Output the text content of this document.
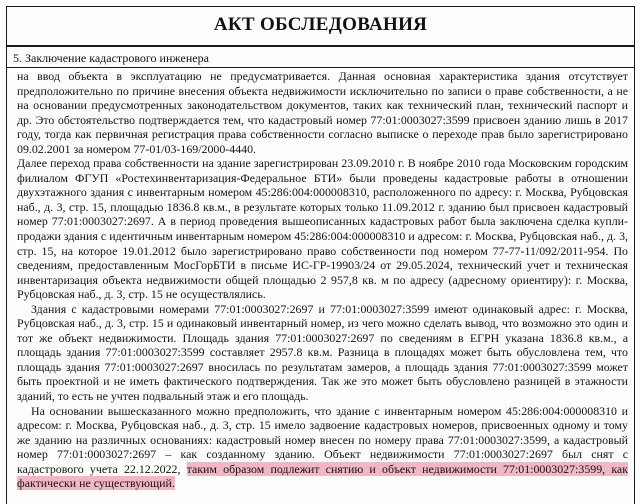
АКТ ОБСЛЕДОВАНИЯ
5. Заключение кадастрового инженера

на ввод объекта в эксплуатацию не предусматривается. Данная основная характеристика здания отсутствует предположительно по причине внесения объекта недвижимости исключительно по записи о праве собственности, а не на основании предусмотренных законодательством документов, таких как технический план, технический паспорт и др. Это обстоятельство подтверждается тем, что кадастровый номер 77:01:0003027:3599 присвоен зданию лишь в 2017 году, тогда как первичная регистрация права собственности согласно выписке о переходе прав было зарегистрировано 09.02.2001 за номером 77-01/03-169/2000-4440.

Далее переход права собственности на здание зарегистрирован 23.09.2010 г. В ноябре 2010 года Московским городским филиалом ФГУП «Ростехинвентаризация-Федеральное БТИ» были проведены кадастровые работы в отношении двухэтажного здания с инвентарным номером 45:286:004:000008310, расположенного по адресу: г. Москва, Рубцовская наб., д. 3, стр. 15, площадью 1836.8 кв.м., в результате которых только 11.09.2012 г. зданию был присвоен кадастровый номер 77:01:0003027:2697. А в период проведения вышеописанных кадастровых работ была заключена сделка купли-продажи здания с идентичным инвентарным номером 45:286:004:000008310 и адресом: г. Москва, Рубцовская наб., д. 3, стр. 15, на которое 19.01.2012 было зарегистрировано право собственности под номером 77-77-11/092/2011-954. По сведениям, предоставленным МосГорБТИ в письме ИС-ГР-19903/24 от 29.05.2024, технический учет и техническая инвентаризация объекта недвижимости общей площадью 2 957,8 кв. м по адресу (адресному ориентиру): г. Москва, Рубцовская наб., д. 3, стр. 15 не осуществлялись.

Здания с кадастровыми номерами 77:01:0003027:2697 и 77:01:0003027:3599 имеют одинаковый адрес: г. Москва, Рубцовская наб., д. 3, стр. 15 и одинаковый инвентарный номер, из чего можно сделать вывод, что возможно это один и тот же объект недвижимости. Площадь здания 77:01:0003027:2697 по сведениям в ЕГРН указана 1836.8 кв.м., а площадь здания 77:01:0003027:3599 составляет 2957.8 кв.м. Разница в площадях может быть обусловлена тем, что площадь здания 77:01:0003027:2697 вносилась по результатам замеров, а площадь здания 77:01:0003027:3599 может быть проектной и не иметь фактического подтверждения. Так же это может быть обусловлено разницей в этажности зданий, то есть не учтен подвальный этаж и его площадь.

На основании вышесказанного можно предположить, что здание с инвентарным номером 45:286:004:000008310 и адресом: г. Москва, Рубцовская наб., д. 3, стр. 15 имело задвоение кадастровых номеров, присвоенных одному и тому же зданию на различных основаниях: кадастровый номер внесен по номеру права 77:01:0003027:3599, а кадастровый номер 77:01:0003027:2697 – как созданному зданию. Объект недвижимости 77:01:0003027:2697 был снят с кадастрового учета 22.12.2022, таким образом подлежит снятию и объект недвижимости 77:01:0003027:3599, как фактически не существующий.
